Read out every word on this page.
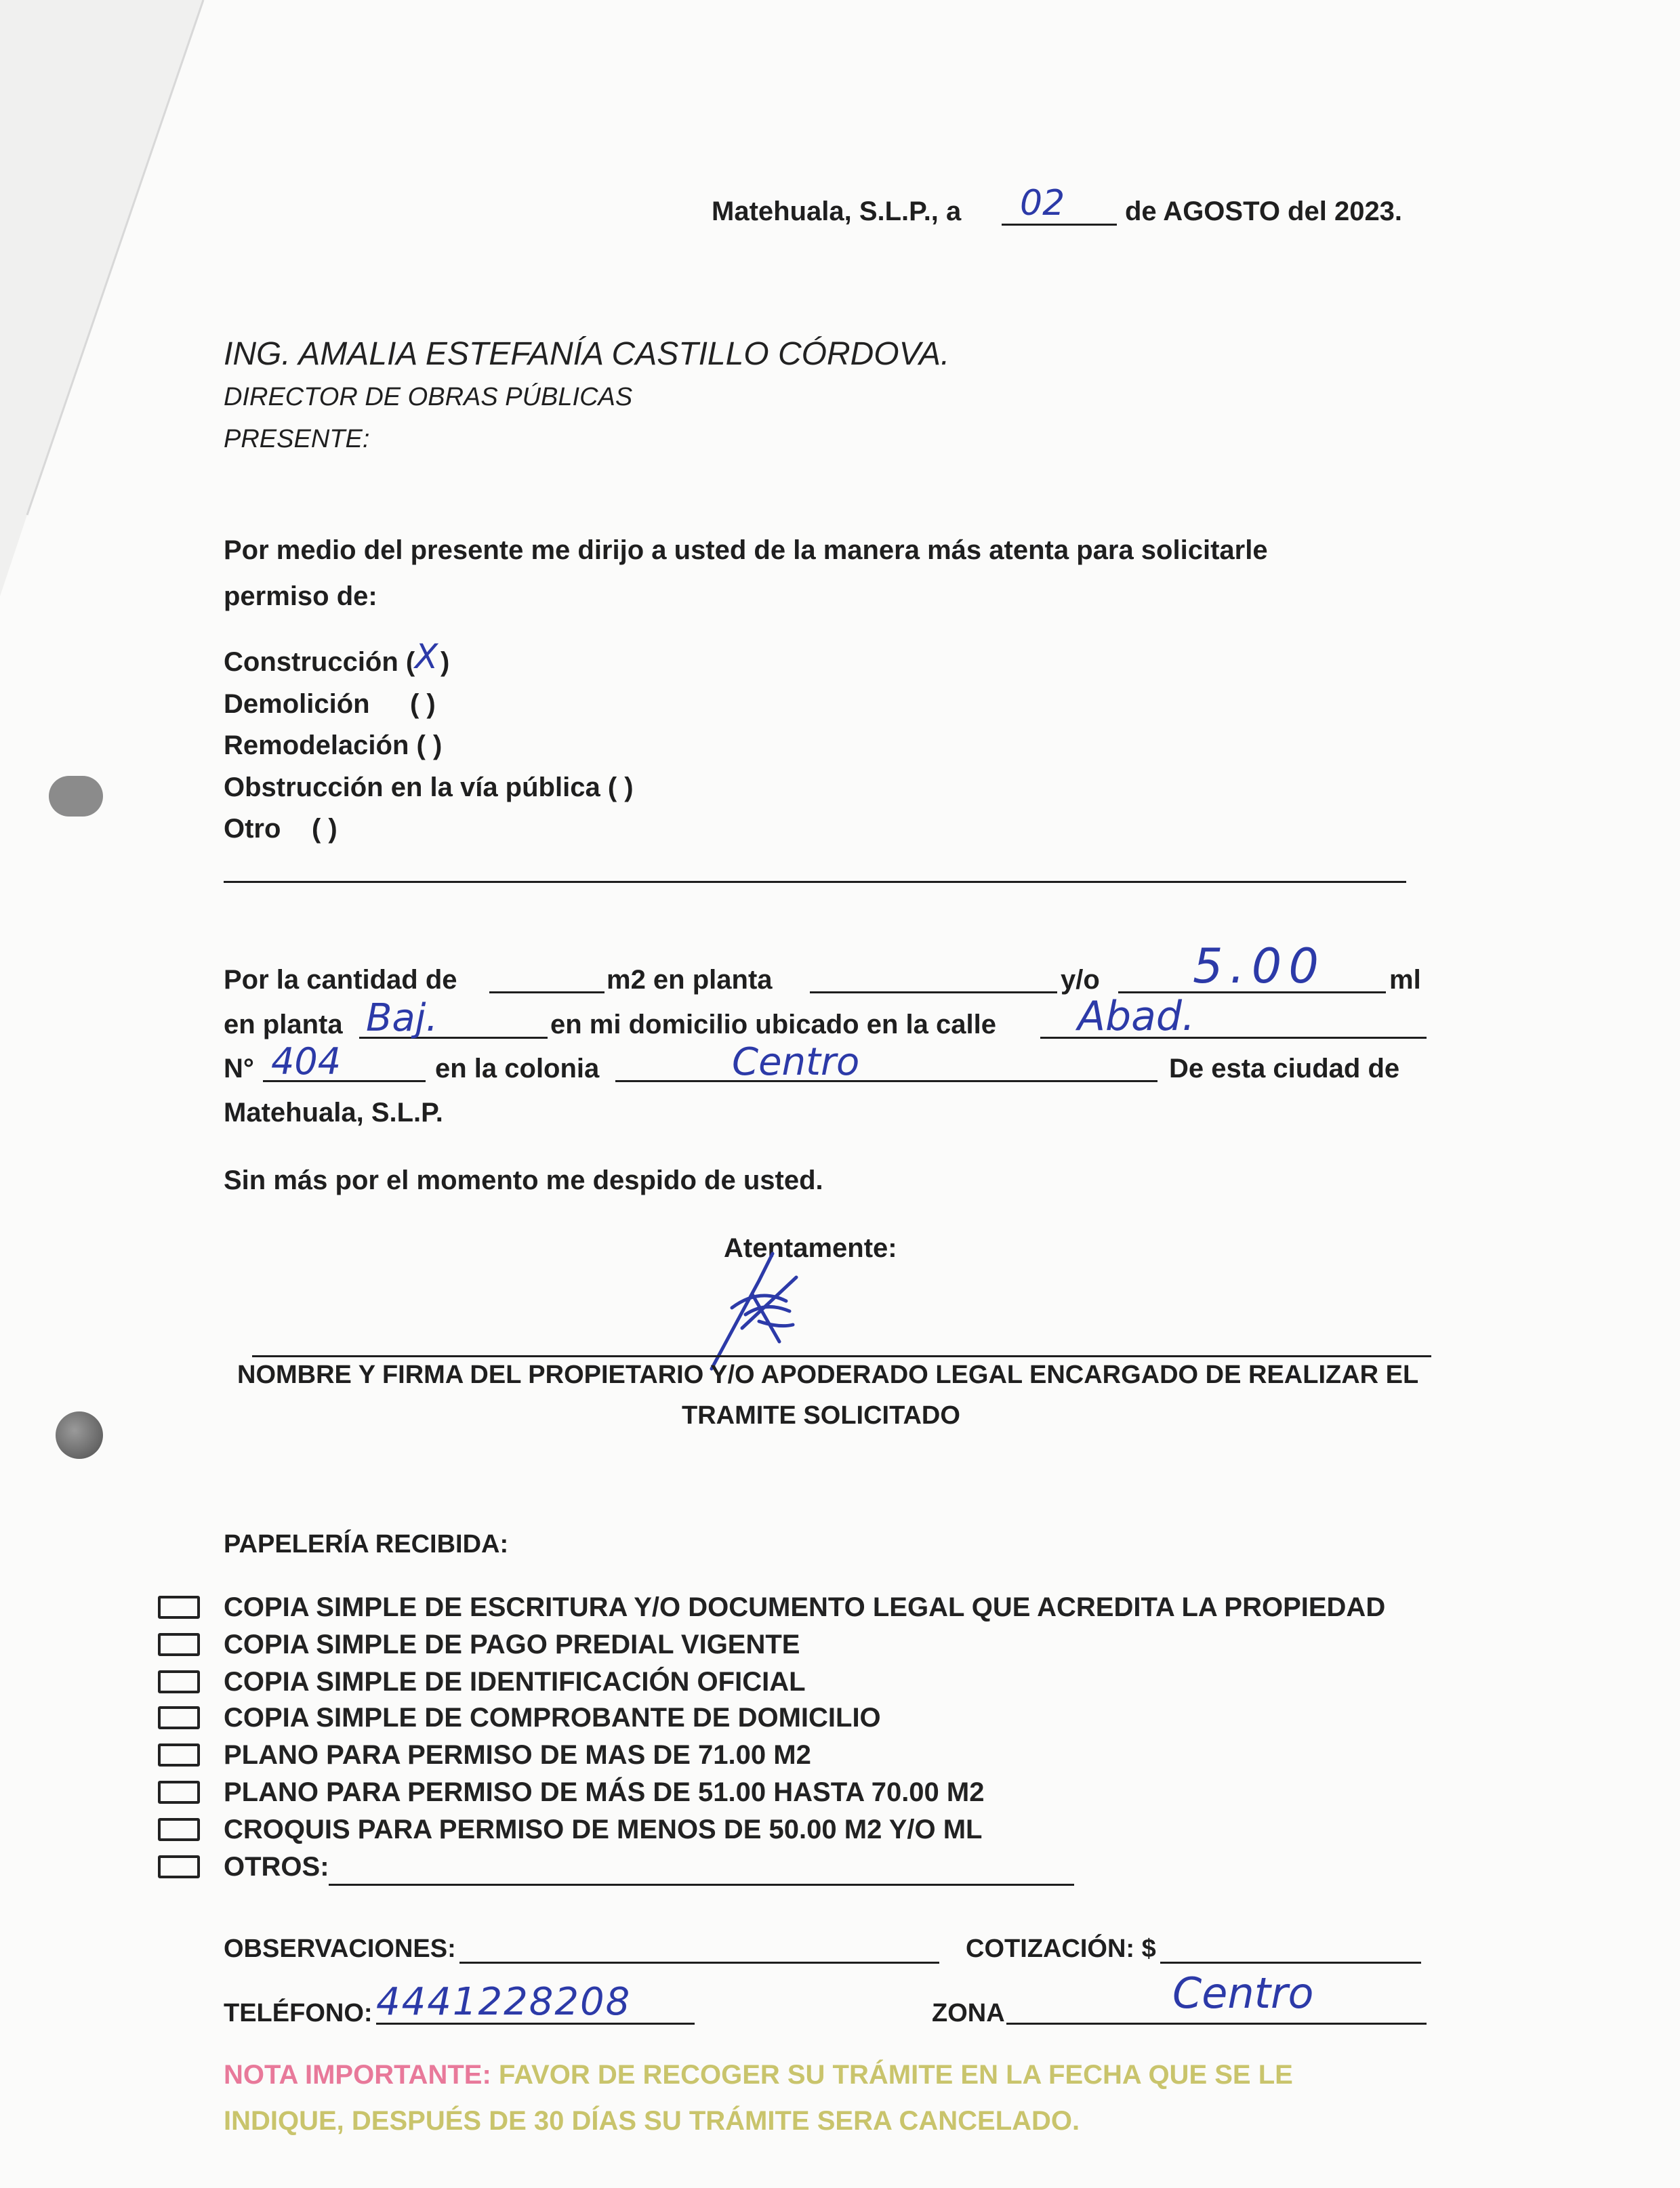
Matehuala, S.L.P., a 02 de AGOSTO del 2023.
ING. AMALIA ESTEFANÍA CASTILLO CÓRDOVA.
DIRECTOR DE OBRAS PÚBLICAS
PRESENTE:
Por medio del presente me dirijo a usted de la manera más atenta para solicitarle
permiso de:
Construcción ( X )
Demolición ( )
Remodelación ( )
Obstrucción en la vía pública ( )
Otro ( )
Por la cantidad de	m2 en planta	y/o 5.00 ml
en planta Baj.	en mi domicilio ubicado en la calle Abad.
N° 404	en la colonia	Centro	De esta ciudad de
Matehuala, S.L.P.
Sin más por el momento me despido de usted.
Atentamente:
NOMBRE Y FIRMA DEL PROPIETARIO Y/O APODERADO LEGAL ENCARGADO DE REALIZAR EL
TRAMITE SOLICITADO
PAPELERÍA RECIBIDA:
COPIA SIMPLE DE ESCRITURA Y/O DOCUMENTO LEGAL QUE ACREDITA LA PROPIEDAD
COPIA SIMPLE DE PAGO PREDIAL VIGENTE
COPIA SIMPLE DE IDENTIFICACIÓN OFICIAL
COPIA SIMPLE DE COMPROBANTE DE DOMICILIO
PLANO PARA PERMISO DE MAS DE 71.00 M2
PLANO PARA PERMISO DE MÁS DE 51.00 HASTA 70.00 M2
CROQUIS PARA PERMISO DE MENOS DE 50.00 M2 Y/O ML
OTROS:
OBSERVACIONES:	COTIZACIÓN: $
TELÉFONO: 4441228208	ZONA	Centro
NOTA IMPORTANTE: FAVOR DE RECOGER SU TRÁMITE EN LA FECHA QUE SE LE
INDIQUE, DESPUÉS DE 30 DÍAS SU TRÁMITE SERA CANCELADO.
